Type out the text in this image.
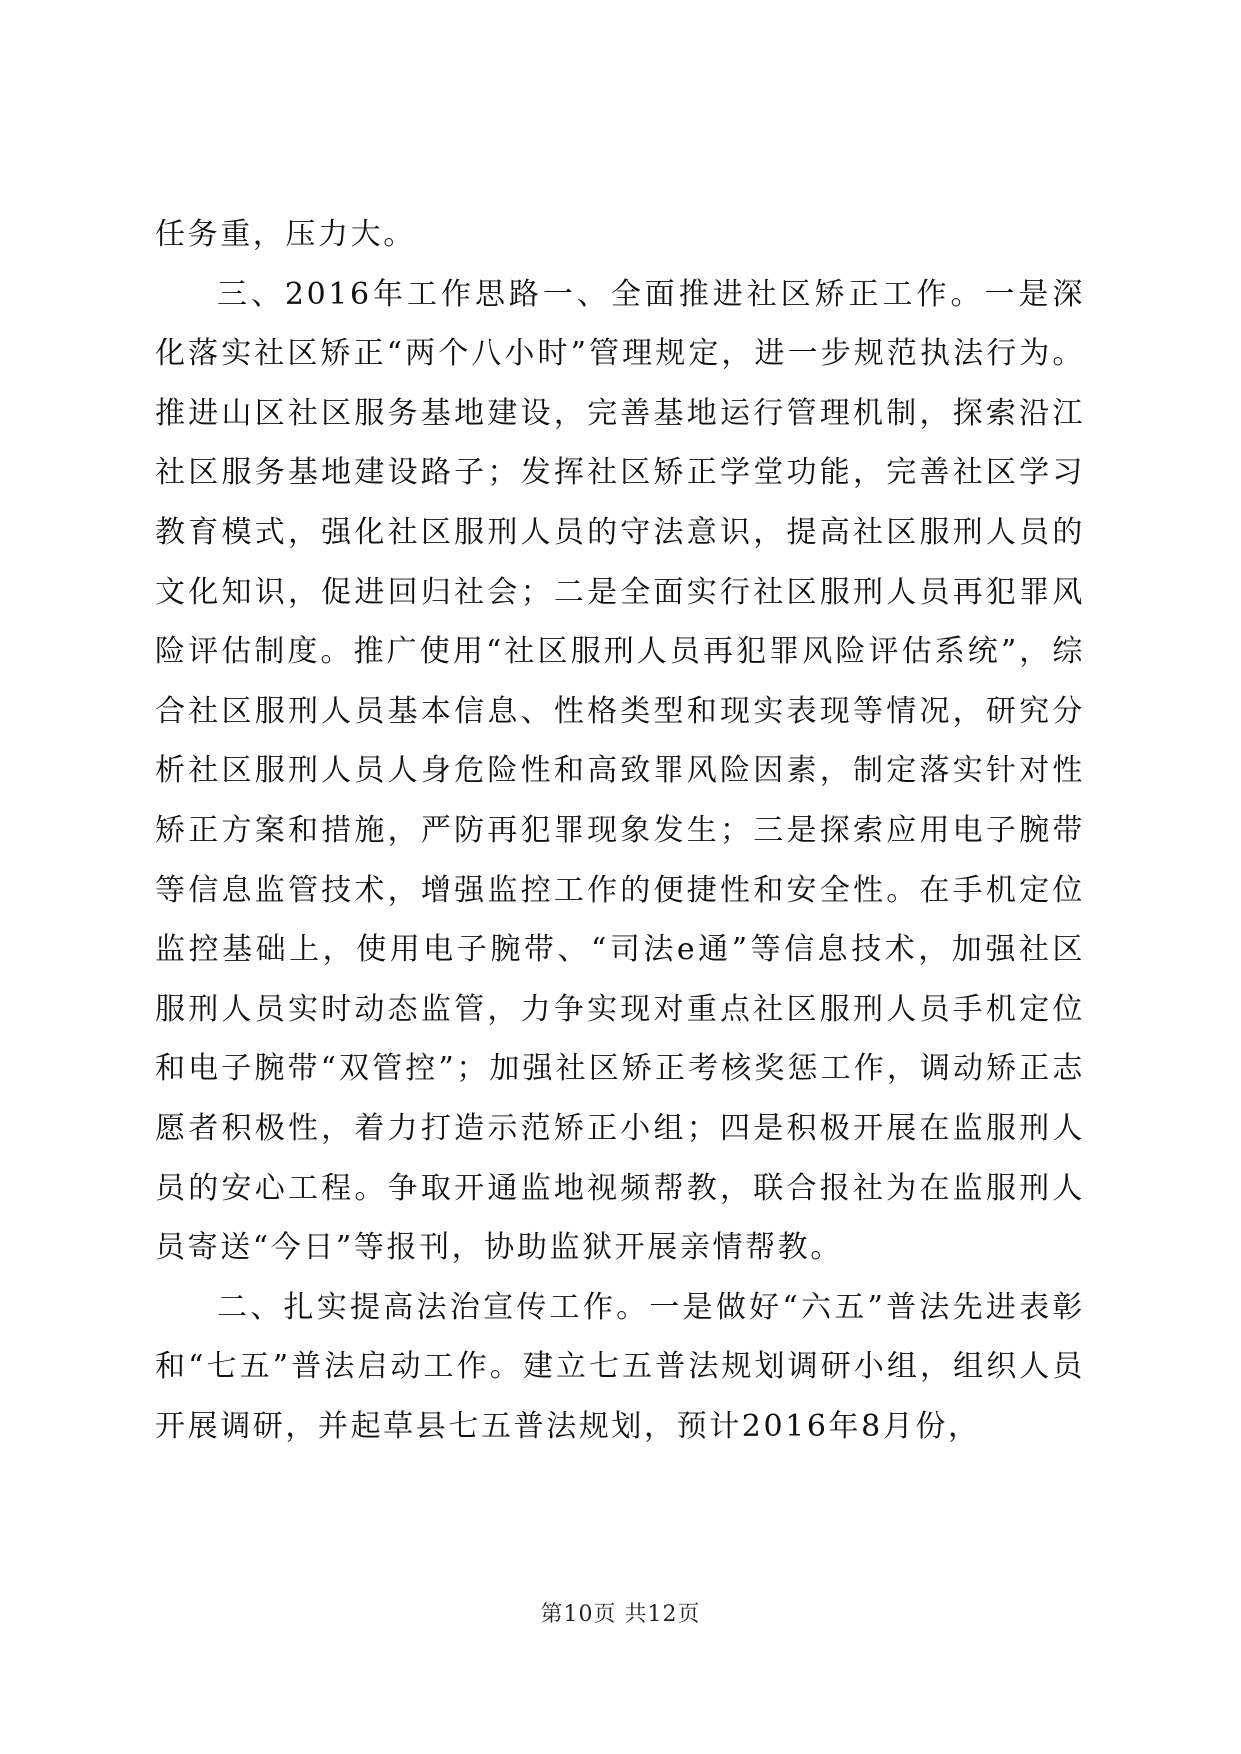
任务重，压力大。

三、2016年工作思路一、全面推进社区矫正工作。一是深化落实社区矫正“两个八小时”管理规定，进一步规范执法行为。推进山区社区服务基地建设，完善基地运行管理机制，探索沿江社区服务基地建设路子；发挥社区矫正学堂功能，完善社区学习教育模式，强化社区服刑人员的守法意识，提高社区服刑人员的文化知识，促进回归社会；二是全面实行社区服刑人员再犯罪风险评估制度。推广使用“社区服刑人员再犯罪风险评估系统”，综合社区服刑人员基本信息、性格类型和现实表现等情况，研究分析社区服刑人员人身危险性和高致罪风险因素，制定落实针对性矫正方案和措施，严防再犯罪现象发生；三是探索应用电子腕带等信息监管技术，增强监控工作的便捷性和安全性。在手机定位监控基础上，使用电子腕带、“司法e通”等信息技术，加强社区服刑人员实时动态监管，力争实现对重点社区服刑人员手机定位和电子腕带“双管控”；加强社区矫正考核奖惩工作，调动矫正志愿者积极性，着力打造示范矫正小组；四是积极开展在监服刑人员的安心工程。争取开通监地视频帮教，联合报社为在监服刑人员寄送“今日”等报刊，协助监狱开展亲情帮教。

二、扎实提高法治宣传工作。一是做好“六五”普法先进表彰和“七五”普法启动工作。建立七五普法规划调研小组，组织人员开展调研，并起草县七五普法规划，预计2016年8月份，

第10页 共12页
